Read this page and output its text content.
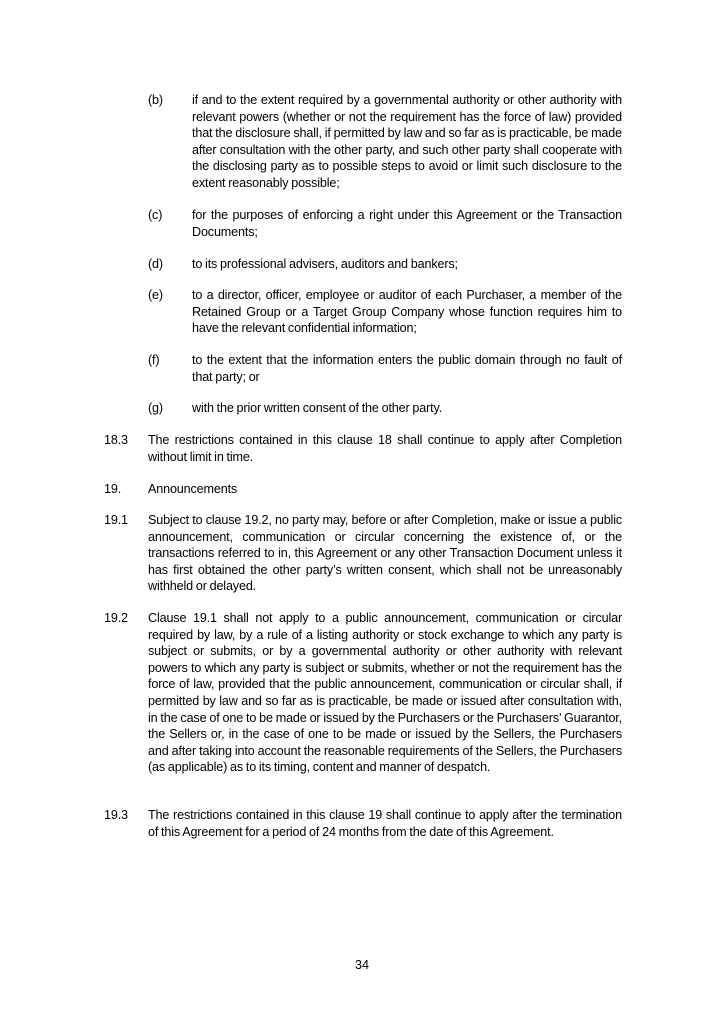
(b) if and to the extent required by a governmental authority or other authority with relevant powers (whether or not the requirement has the force of law) provided that the disclosure shall, if permitted by law and so far as is practicable, be made after consultation with the other party, and such other party shall cooperate with the disclosing party as to possible steps to avoid or limit such disclosure to the extent reasonably possible;
(c) for the purposes of enforcing a right under this Agreement or the Transaction Documents;
(d) to its professional advisers, auditors and bankers;
(e) to a director, officer, employee or auditor of each Purchaser, a member of the Retained Group or a Target Group Company whose function requires him to have the relevant confidential information;
(f)	to the extent that the information enters the public domain through no fault of that party; or
(g) with the prior written consent of the other party.
18.3 The restrictions contained in this clause 18 shall continue to apply after Completion without limit in time.
19. Announcements
19.1 Subject to clause 19.2, no party may, before or after Completion, make or issue a public announcement, communication or circular concerning the existence of, or the transactions referred to in, this Agreement or any other Transaction Document unless it has first obtained the other party’s written consent, which shall not be unreasonably withheld or delayed.
19.2 Clause 19.1 shall not apply to a public announcement, communication or circular required by law, by a rule of a listing authority or stock exchange to which any party is subject or submits, or by a governmental authority or other authority with relevant powers to which any party is subject or submits, whether or not the requirement has the force of law, provided that the public announcement, communication or circular shall, if permitted by law and so far as is practicable, be made or issued after consultation with, in the case of one to be made or issued by the Purchasers or the Purchasers’ Guarantor, the Sellers or, in the case of one to be made or issued by the Sellers, the Purchasers and after taking into account the reasonable requirements of the Sellers, the Purchasers (as applicable) as to its timing, content and manner of despatch.
19.3 The restrictions contained in this clause 19 shall continue to apply after the termination of this Agreement for a period of 24 months from the date of this Agreement.
34
